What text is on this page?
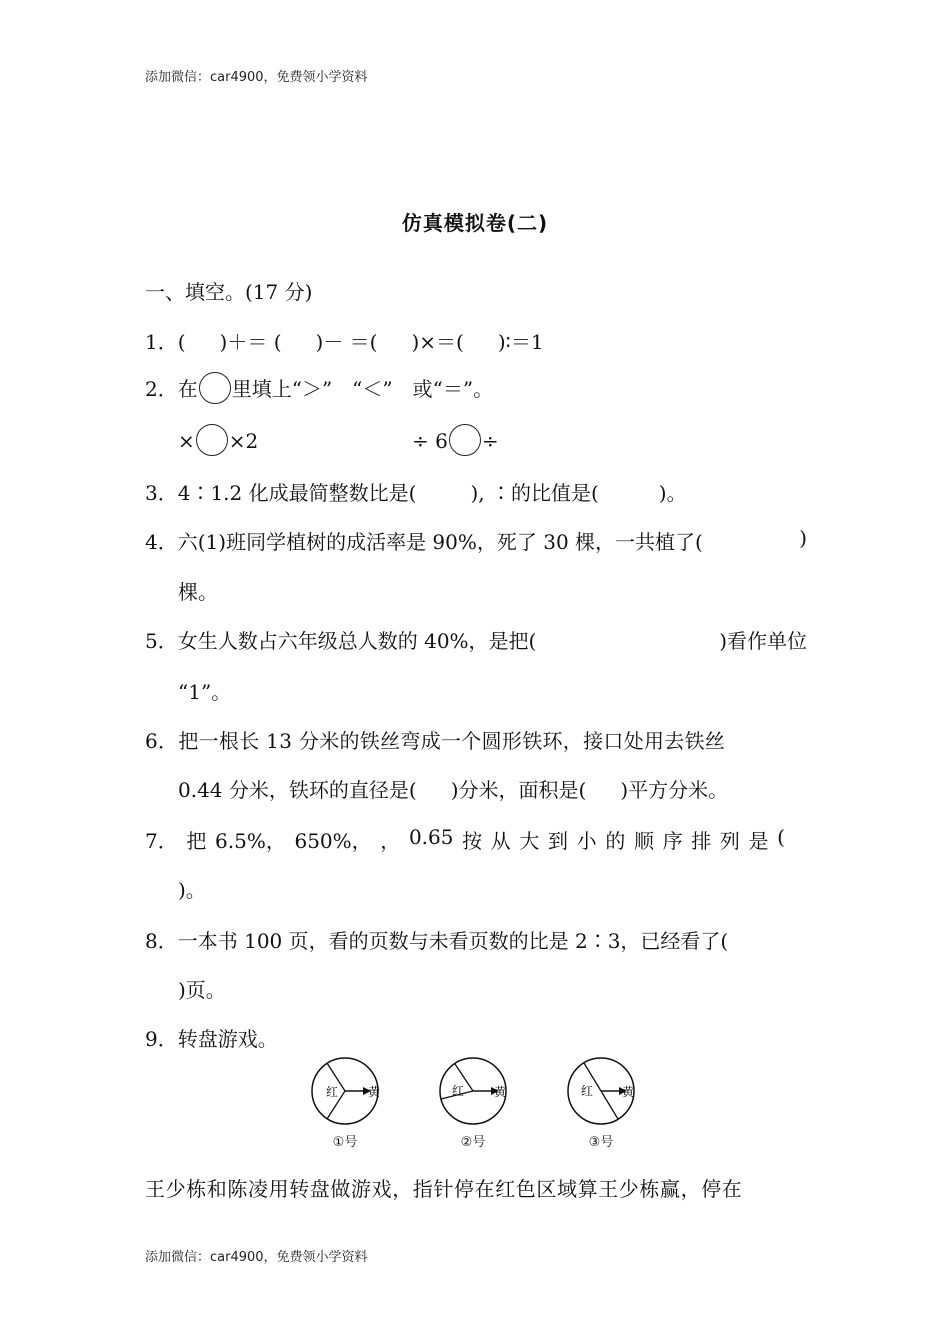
添加微信：car4900，免费领小学资料
仿真模拟卷(二)
一、填空。(17 分)
1．( )＋＝ ( )－ ＝( )×＝( )∶＝1
2．在 里填上“＞”　“＜”　或“＝”。
× ×2	÷ 6 ÷
3．4∶1.2 化成最简整数比是(	), ∶的比值是(	)。
4．六(1)班同学植树的成活率是 90%，死了 30 棵，一共植了(	)
棵。
5．女生人数占六年级总人数的 40%，是把(	)看作单位
“1”。
6．把一根长 13 分米的铁丝弯成一个圆形铁环，接口处用去铁丝
0.44 分米，铁环的直径是( )分米，面积是( )平方分米。
7． 把 6.5%， 650%， ， 0.65 按 从 大 到 小 的 顺 序 排 列 是 (
)。
8．一本书 100 页，看的页数与未看页数的比是 2∶3，已经看了(
)页。
9．转盘游戏。
红 黄	红 黄	红 黄
①号	②号	③号
王少栋和陈凌用转盘做游戏，指针停在红色区域算王少栋赢，停在
添加微信：car4900，免费领小学资料
